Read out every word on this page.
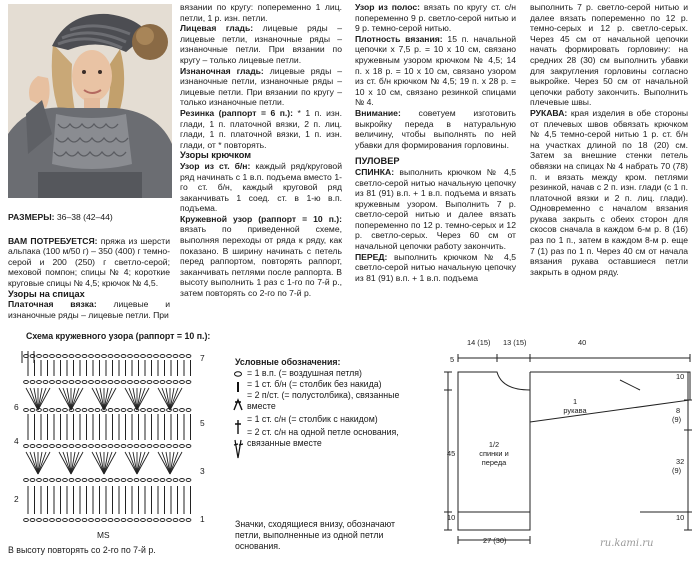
РАЗМЕРЫ: 36–38 (42–44)

ВАМ ПОТРЕБУЕТСЯ: пряжа из шерсти альпака (100 м/50 г) – 350 (400) г темно-серой и 200 (250) г светло-серой; меховой помпон; спицы № 4; короткие круговые спицы № 4,5; крючок № 4,5.

Узоры на спицах

Платочная вязка: лицевые и изнаночные ряды – лицевые петли. При

вязании по кругу: попеременно 1 лиц. петли, 1 р. изн. петли.

Лицевая гладь: лицевые ряды – лицевые петли, изнаночные ряды – изнаночные петли. При вязании по кругу – только лицевые петли.

Изнаночная гладь: лицевые ряды – изнаночные петли, изнаночные ряды – лицевые петли. При вязании по кругу – только изнаночные петли.

Резинка (раппорт = 6 п.): * 1 п. изн. глади, 1 п. платочной вязки, 2 п. лиц. глади, 1 п. платочной вязки, 1 п. изн. глади, от * повторять.

Узоры крючком

Узор из ст. б/н: каждый ряд/круговой ряд начинать с 1 в.п. подъема вместо 1-го ст. б/н, каждый круговой ряд заканчивать 1 соед. ст. в 1-ю в.п. подъема.

Кружевной узор (раппорт = 10 п.): вязать по приведенной схеме, выполняя переходы от ряда к ряду, как показано. В ширину начинать с петель перед раппортом, повторять раппорт, заканчивать петлями после раппорта. В высоту выполнить 1 раз с 1-го по 7-й р., затем повторять со 2-го по 7-й р.

Узор из полос: вязать по кругу ст. с/н попеременно 9 р. светло-серой нитью и 9 р. темно-серой нитью.

Плотность вязания: 15 п. начальной цепочки x 7,5 р. = 10 x 10 см, связано кружевным узором крючком № 4,5; 14 п. x 18 р. = 10 x 10 см, связано узором из ст. б/н крючком № 4,5; 19 п. x 28 р. = 10 x 10 см, связано резинкой спицами № 4.

Внимание: советуем изготовить выкройку переда в натуральную величину, чтобы выполнять по ней убавки для формирования горловины.

ПУЛОВЕР

СПИНКА: выполнить крючком № 4,5 светло-серой нитью начальную цепочку из 81 (91) в.п. + 1 в.п. подъема и вязать кружевным узором. Выполнить 7 р. светло-серой нитью и далее вязать попеременно по 12 р. темно-серых и 12 р. светло-серых. Через 60 см от начальной цепочки работу закончить.

ПЕРЕД: выполнить крючком № 4,5 светло-серой нитью начальную цепочку из 81 (91) в.п. + 1 в.п. подъема

выполнить 7 р. светло-серой нитью и далее вязать попеременно по 12 р. темно-серых и 12 р. светло-серых. Через 45 см от начальной цепочки начать формировать горловину: на средних 28 (30) см выполнить убавки для закругления горловины согласно выкройке. Через 50 см от начальной цепочки работу закончить. Выполнить плечевые швы.

РУКАВА: края изделия в обе стороны от плечевых швов обвязать крючком № 4,5 темно-серой нитью 1 р. ст. б/н на участках длиной по 18 (20) см. Затем за внешние стенки петель обвязки на спицах № 4 набрать 70 (78) п. и вязать между кром. петлями резинкой, начав с 2 п. изн. глади (с 1 п. платочной вязки и 2 п. лиц. глади). Одновременно с началом вязания рукава закрыть с обеих сторон для скосов сначала в каждом 6-м р. 8 (16) раз по 1 п., затем в каждом 8-м р. еще 7 (1) раз по 1 п. Через 40 см от начала вязания рукава оставшиеся петли закрыть в одном ряду.

Схема кружевного узора (раппорт = 10 п.):
6
4
2
7
5
3
1
MS
В высоту повторять со 2-го по 7-й р.
Условные обозначения:
= 1 в.п. (= воздушная петля)
= 1 ст. б/н (= столбик без накида)
= 2 п/ст. (= полустолбика), связанные вместе
= 1 ст. с/н (= столбик с накидом)
= 2 ст. с/н на одной петле основания, связанные вместе
Значки, сходящиеся внизу, обозначают петли, выполненные из одной петли основания.
14 (15) 13 (15)	40
5
45
10
1
рукава
1/2
спинки и переда
10
8
(9)
32
(9)
10
27 (30)	ru.kami.ru
